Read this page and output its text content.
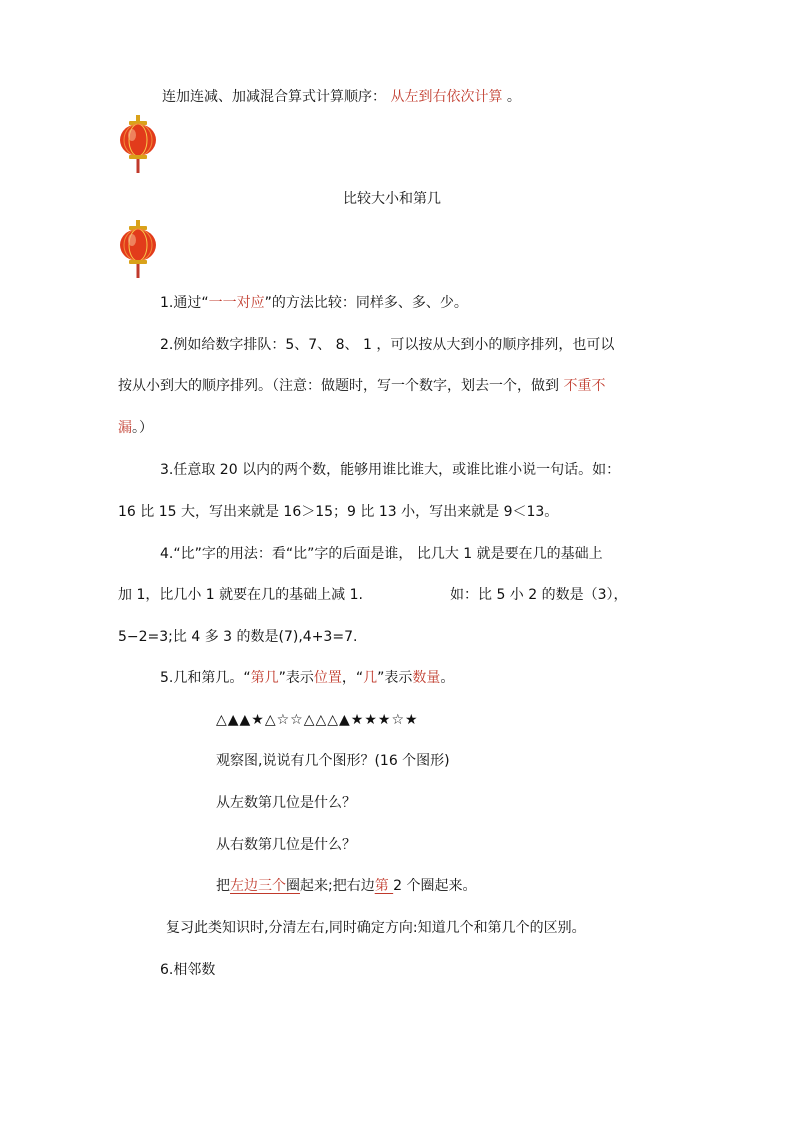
连加连减、加减混合算式计算顺序： 从左到右依次计算 。
比较大小和第几
1.通过“一一对应”的方法比较：同样多、多、少。
2.例如给数字排队：5、7、 8、 1 ，可以按从大到小的顺序排列，也可以
按从小到大的顺序排列。（注意：做题时，写一个数字，划去一个，做到 不重不
漏。）
3.任意取 20 以内的两个数，能够用谁比谁大，或谁比谁小说一句话。如：
16 比 15 大，写出来就是 16＞15；9 比 13 小，写出来就是 9＜13。
4.“比”字的用法：看“比”字的后面是谁， 比几大 1 就是要在几的基础上
加 1，比几小 1 就要在几的基础上减 1.	如：比 5 小 2 的数是（3），
5−2=3;比 4 多 3 的数是(7),4+3=7.
5.几和第几。“第几”表示位置，“几”表示数量。
△▲▲★△☆☆△△△▲★★★☆★
观察图,说说有几个图形？(16 个图形)
从左数第几位是什么？
从右数第几位是什么？
把左边三个圈起来;把右边第 2 个圈起来。
复习此类知识时,分清左右,同时确定方向:知道几个和第几个的区别。
6.相邻数
